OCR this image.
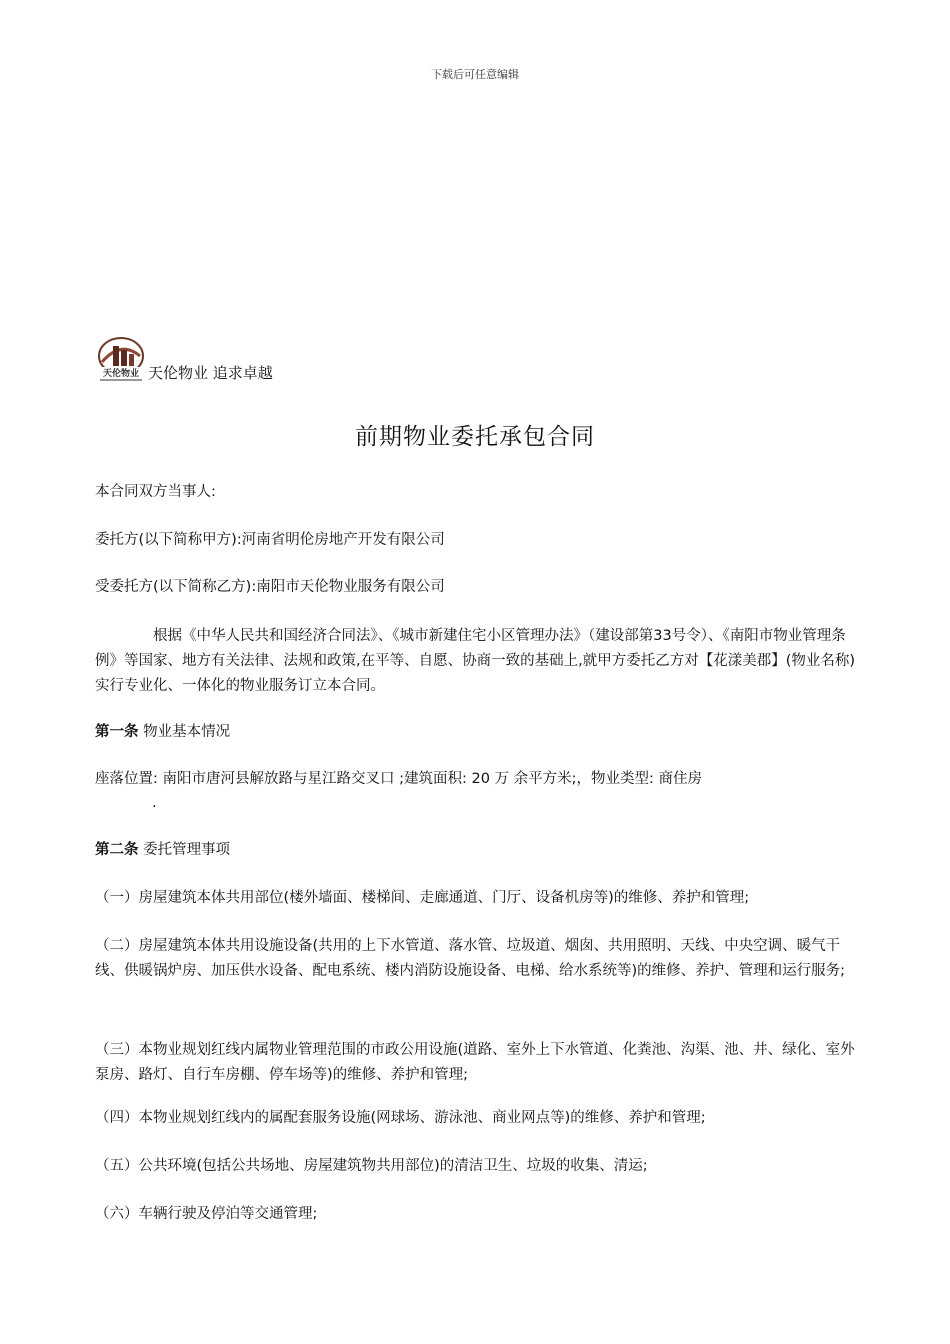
下载后可任意编辑
天伦物业 天伦物业 追求卓越
前期物业委托承包合同
本合同双方当事人:
委托方(以下简称甲方):河南省明伦房地产开发有限公司
受委托方(以下简称乙方):南阳市天伦物业服务有限公司
根据《中华人民共和国经济合同法》、《城市新建住宅小区管理办法》（建设部第33号令）、《南阳市物业管理条例》等国家、地方有关法律、法规和政策,在平等、自愿、协商一致的基础上,就甲方委托乙方对【花漾美郡】(物业名称)实行专业化、一体化的物业服务订立本合同。
第一条 物业基本情况
座落位置: 南阳市唐河县解放路与星江路交叉口 ;建筑面积: 20 万 余平方米;，物业类型: 商住房
.
第二条 委托管理事项
（一）房屋建筑本体共用部位(楼外墙面、楼梯间、走廊通道、门厅、设备机房等)的维修、养护和管理;
（二）房屋建筑本体共用设施设备(共用的上下水管道、落水管、垃圾道、烟囱、共用照明、天线、中央空调、暖气干线、供暖锅炉房、加压供水设备、配电系统、楼内消防设施设备、电梯、给水系统等)的维修、养护、管理和运行服务;
（三）本物业规划红线内属物业管理范围的市政公用设施(道路、室外上下水管道、化粪池、沟渠、池、井、绿化、室外泵房、路灯、自行车房棚、停车场等)的维修、养护和管理;
（四）本物业规划红线内的属配套服务设施(网球场、游泳池、商业网点等)的维修、养护和管理;
（五）公共环境(包括公共场地、房屋建筑物共用部位)的清洁卫生、垃圾的收集、清运;
（六）车辆行驶及停泊等交通管理;
